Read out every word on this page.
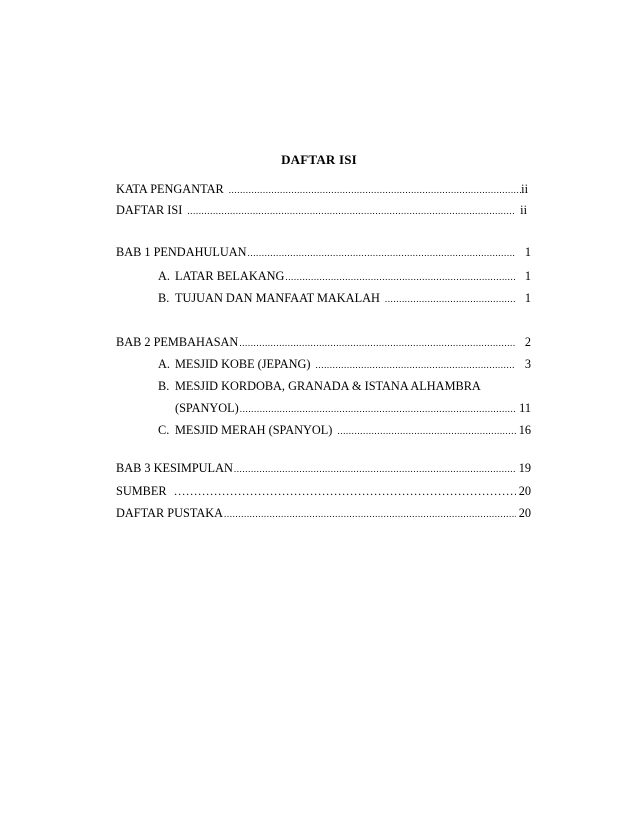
DAFTAR ISI
KATA PENGANTAR .....	ii
DAFTAR ISI .....	ii
BAB 1 PENDAHULUAN .....	1
A. LATAR BELAKANG .....	1
B. TUJUAN DAN MANFAAT MAKALAH .....	1
BAB 2 PEMBAHASAN .....	2
A. MESJID KOBE (JEPANG) .....	3
B. MESJID KORDOBA, GRANADA & ISTANA ALHAMBRA
(SPANYOL) .....	11
C. MESJID MERAH (SPANYOL) .....	16
BAB 3 KESIMPULAN .....	19
SUMBER ……………………………………………………………………………………………………………………	20
DAFTAR PUSTAKA .....	20
